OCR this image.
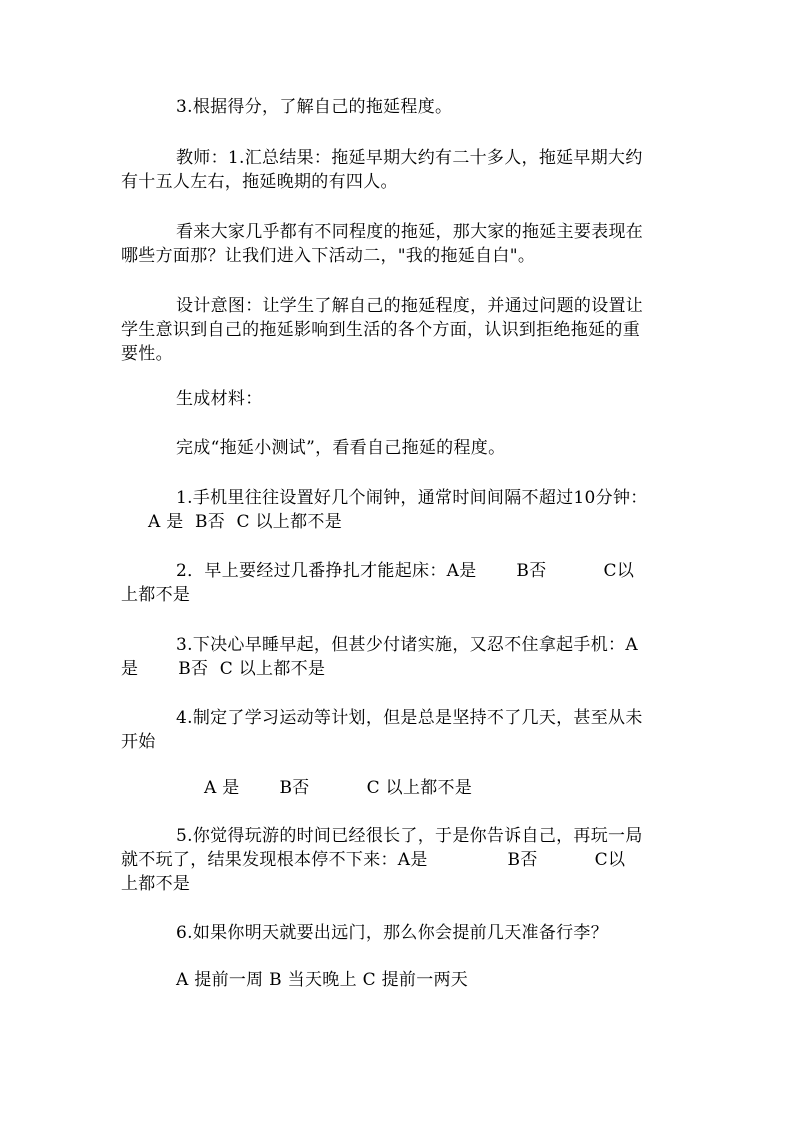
3.根据得分，了解自己的拖延程度。
教师：1.汇总结果：拖延早期大约有二十多人，拖延早期大约
有十五人左右，拖延晚期的有四人。
看来大家几乎都有不同程度的拖延，那大家的拖延主要表现在
哪些方面那？让我们进入下活动二，"我的拖延自白"。
设计意图：让学生了解自己的拖延程度，并通过问题的设置让
学生意识到自己的拖延影响到生活的各个方面，认识到拒绝拖延的重
要性。
生成材料：
完成“拖延小测试”，看看自己拖延的程度。
1.手机里往往设置好几个闹钟，通常时间间隔不超过10分钟：
A 是  B否  C 以上都不是
2．早上要经过几番挣扎才能起床：A是       B否          C以
上都不是
3.下决心早睡早起，但甚少付诸实施，又忍不住拿起手机：A
是       B否  C 以上都不是
4.制定了学习运动等计划，但是总是坚持不了几天，甚至从未
开始
A 是       B否          C 以上都不是
5.你觉得玩游的时间已经很长了，于是你告诉自己，再玩一局
就不玩了，结果发现根本停不下来：A是              B否          C以
上都不是
6.如果你明天就要出远门，那么你会提前几天准备行李？
A 提前一周 B 当天晚上 C 提前一两天
